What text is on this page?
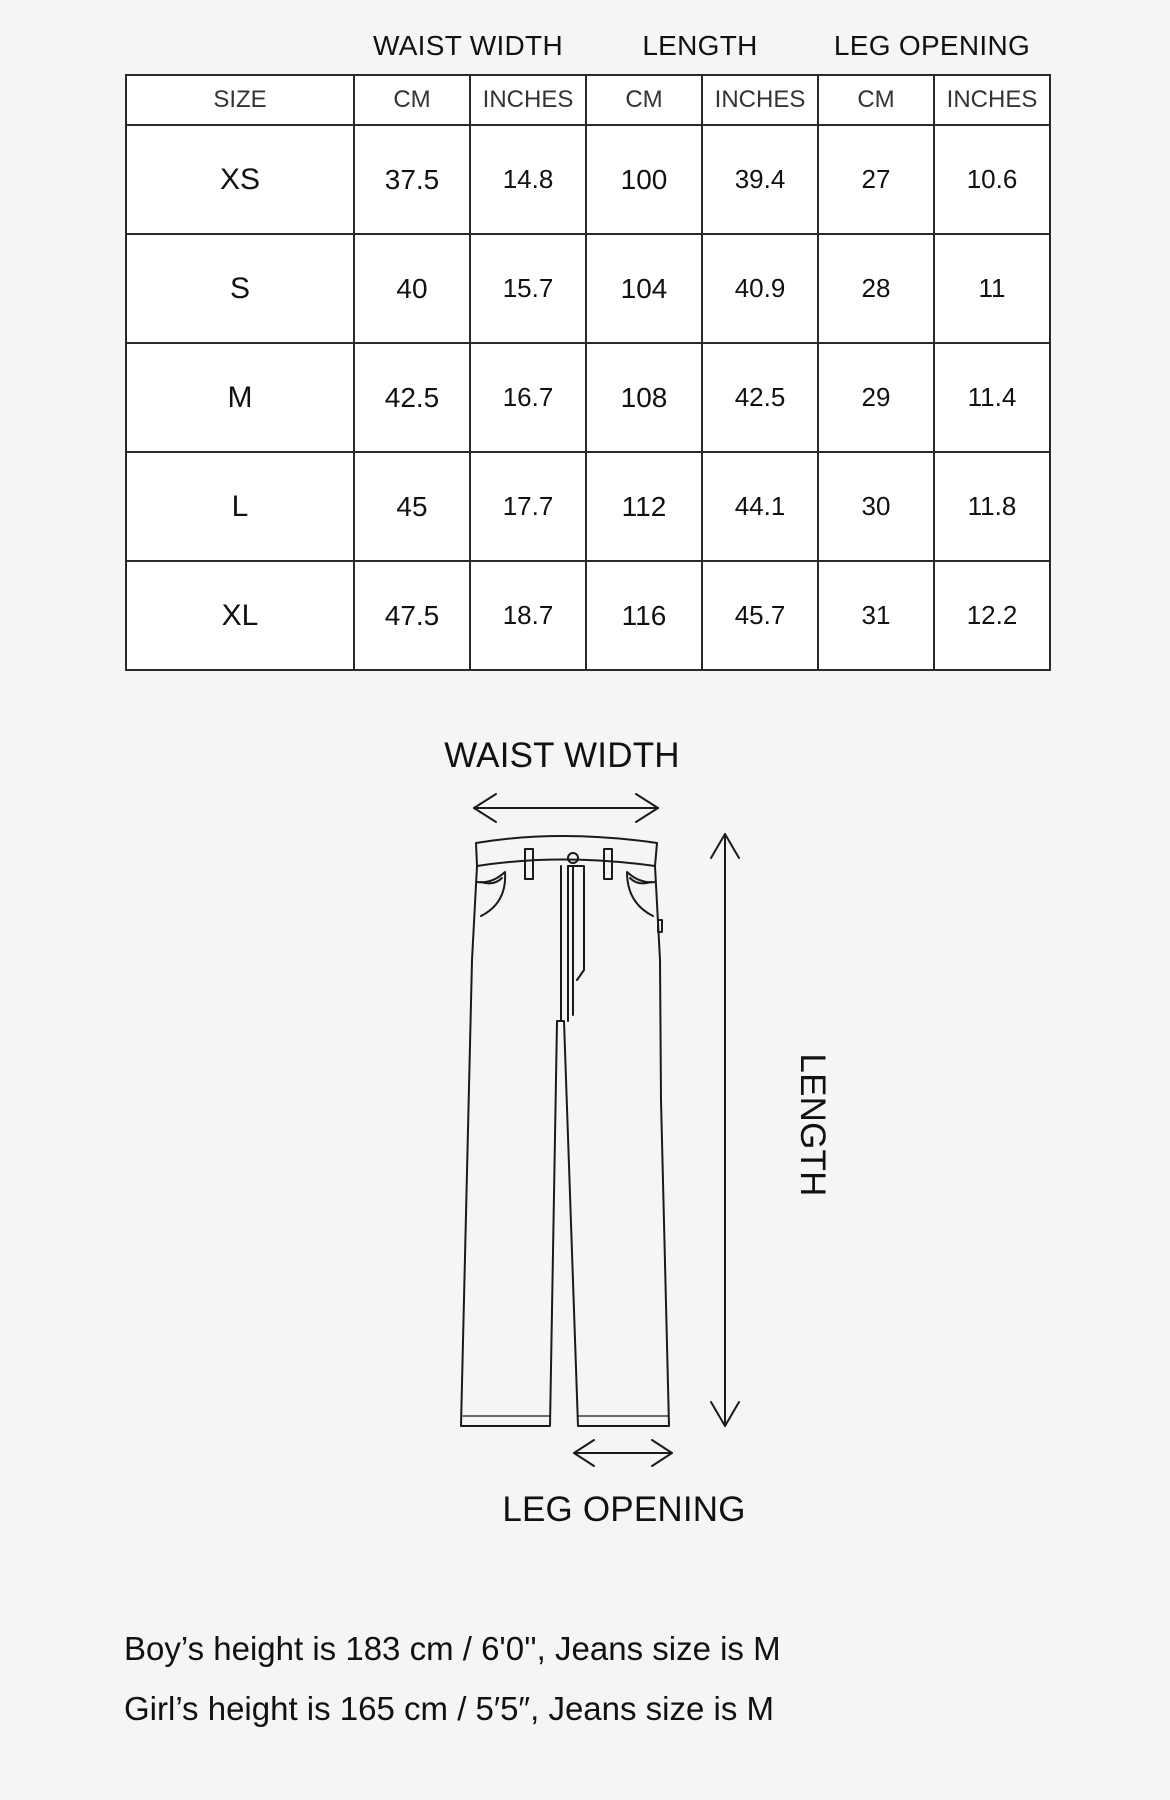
WAIST WIDTH	LENGTH	LEG OPENING
SIZE	CM	INCHES	CM	INCHES	CM	INCHES
XS	37.5	14.8	100	39.4	27	10.6
S	40	15.7	104	40.9	28	11
M	42.5	16.7	108	42.5	29	11.4
L	45	17.7	112	44.1	30	11.8
XL	47.5	18.7	116	45.7	31	12.2
WAIST WIDTH
LEG OPENING
LENGTH
Boy’s height is 183 cm / 6'0'', Jeans size is M
Girl’s height is 165 cm / 5′5″, Jeans size is M
